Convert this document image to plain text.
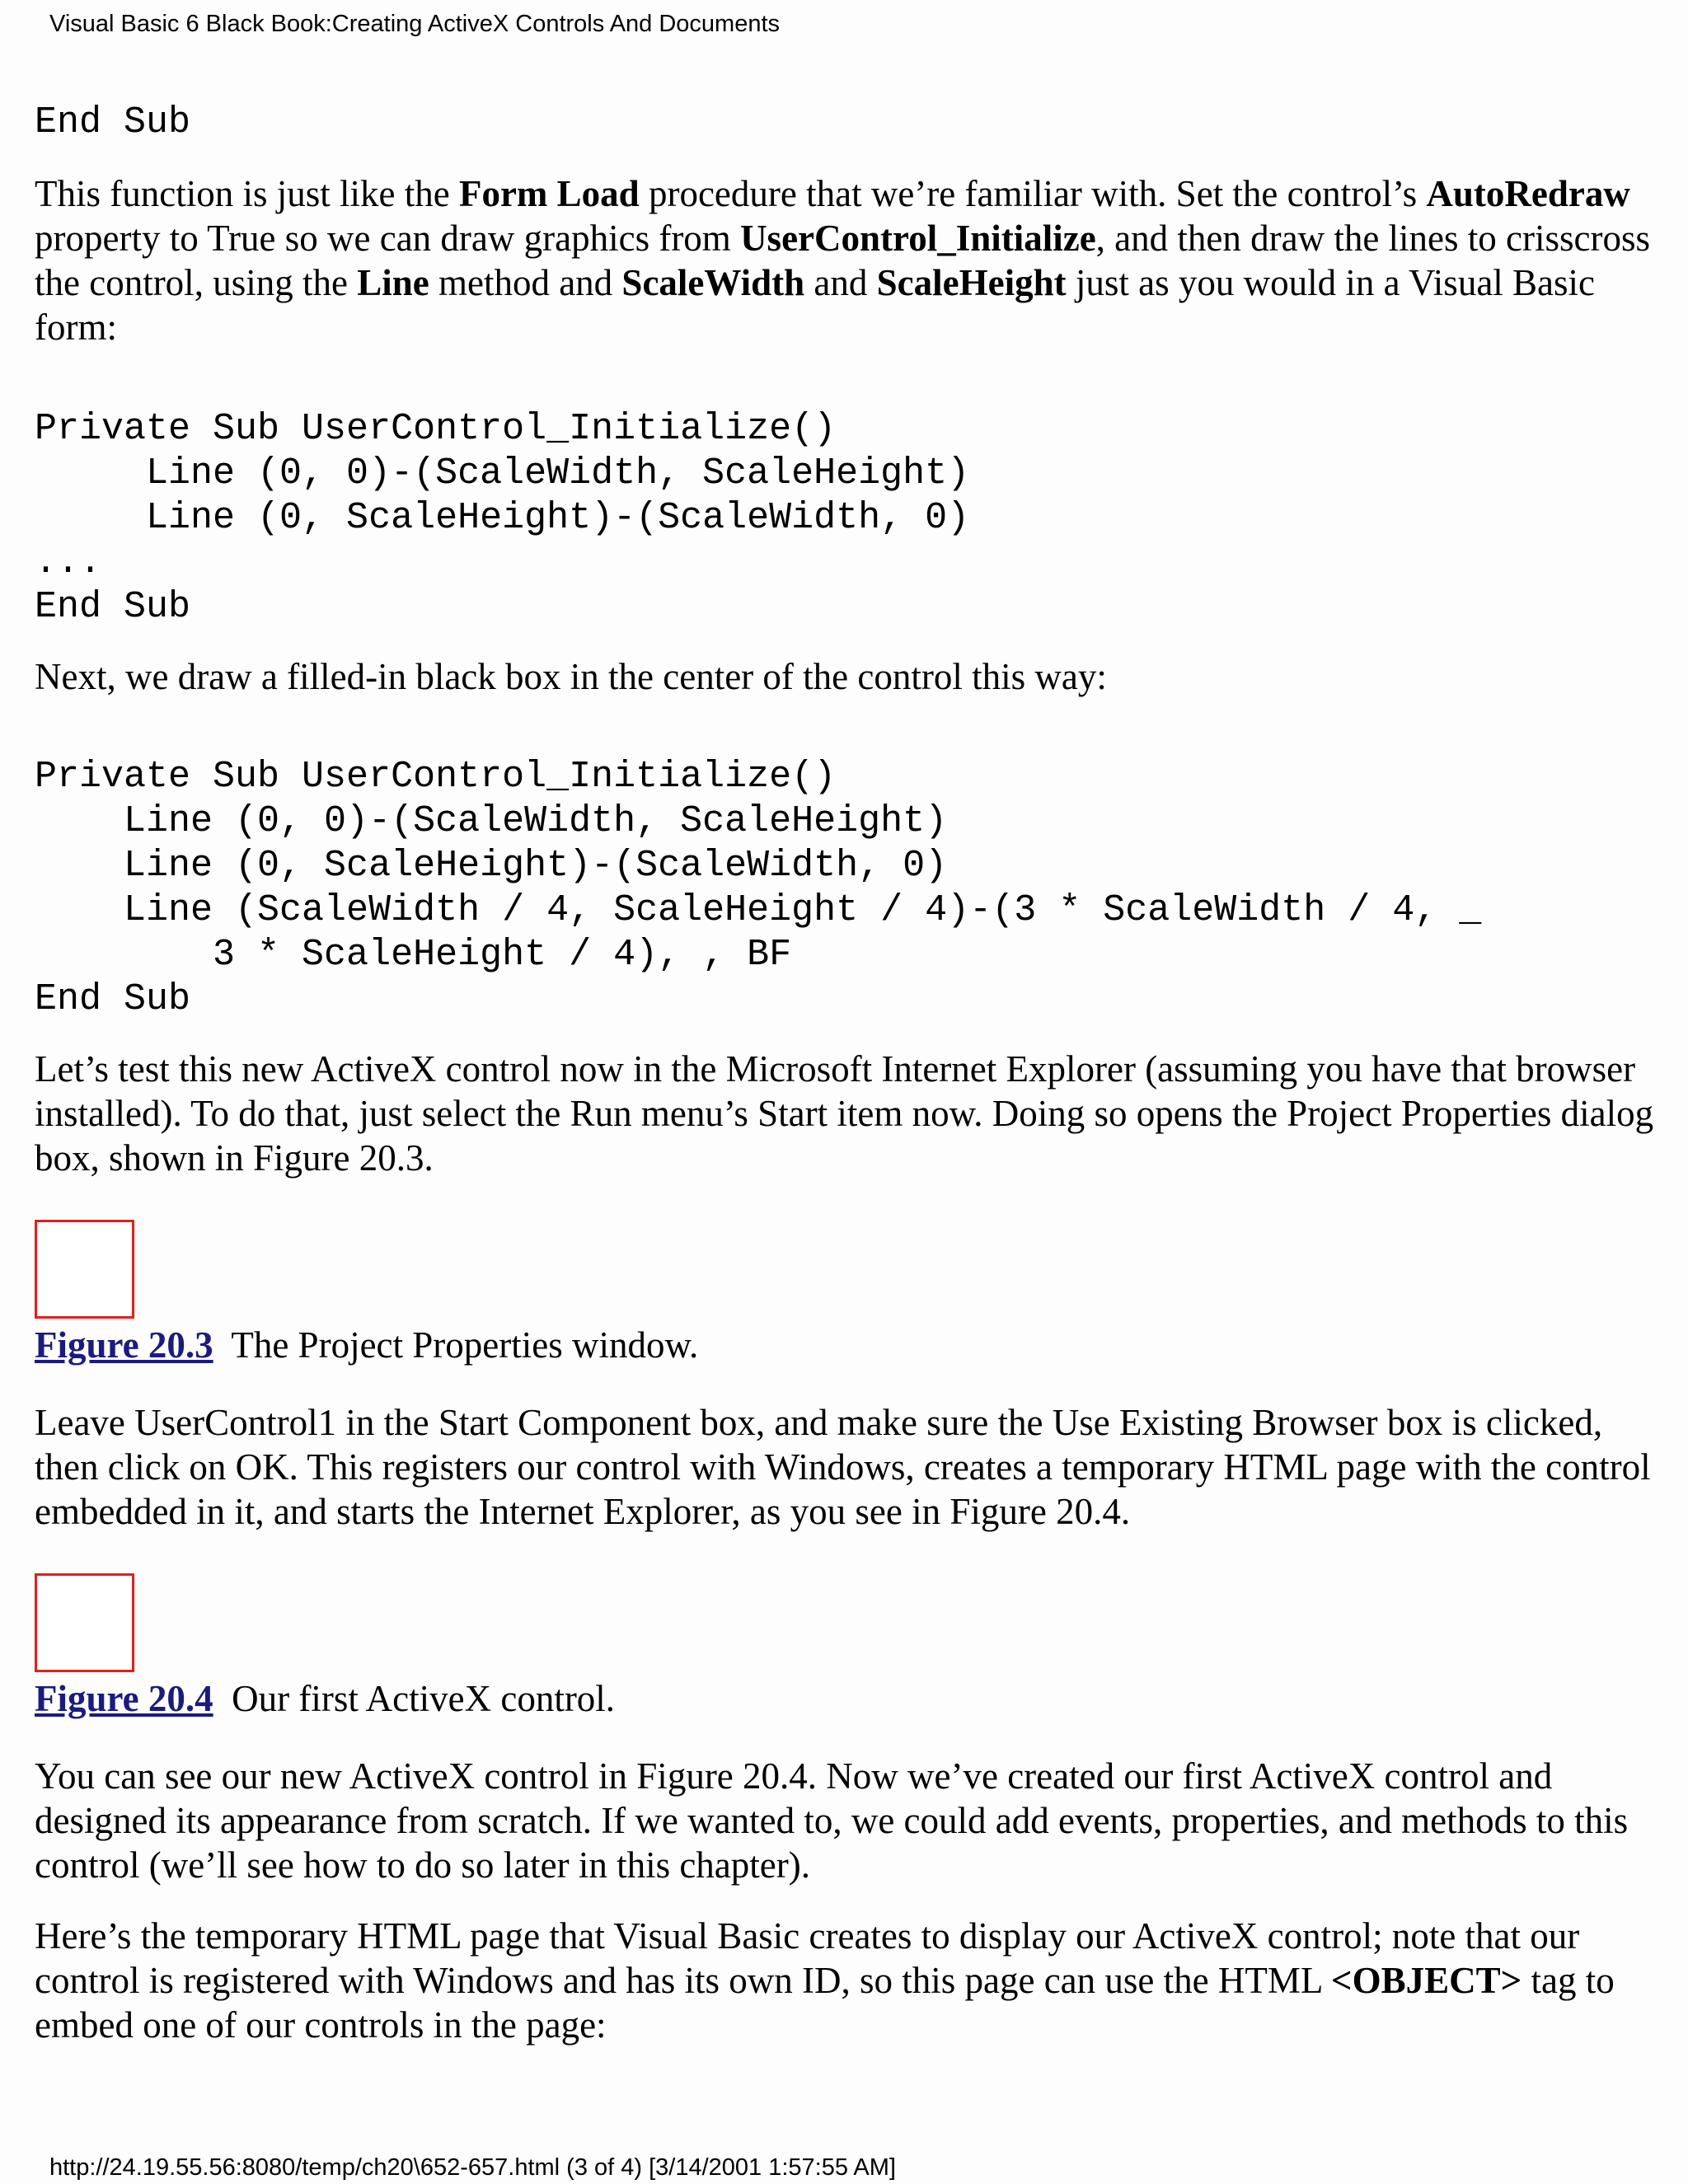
Visual Basic 6 Black Book:Creating ActiveX Controls And Documents
End Sub

This function is just like the Form Load procedure that we’re familiar with. Set the control’s AutoRedraw property to True so we can draw graphics from UserControl_Initialize, and then draw the lines to crisscross the control, using the Line method and ScaleWidth and ScaleHeight just as you would in a Visual Basic form:

Private Sub UserControl_Initialize()
Line (0, 0)-(ScaleWidth, ScaleHeight)
Line (0, ScaleHeight)-(ScaleWidth, 0)
...
End Sub

Next, we draw a filled-in black box in the center of the control this way:

Private Sub UserControl_Initialize()
Line (0, 0)-(ScaleWidth, ScaleHeight)
Line (0, ScaleHeight)-(ScaleWidth, 0)
Line (ScaleWidth / 4, ScaleHeight / 4)-(3 * ScaleWidth / 4, _
3 * ScaleHeight / 4), , BF
End Sub

Let’s test this new ActiveX control now in the Microsoft Internet Explorer (assuming you have that browser installed). To do that, just select the Run menu’s Start item now. Doing so opens the Project Properties dialog box, shown in Figure 20.3.

Figure 20.3 The Project Properties window.

Leave UserControl1 in the Start Component box, and make sure the Use Existing Browser box is clicked, then click on OK. This registers our control with Windows, creates a temporary HTML page with the control embedded in it, and starts the Internet Explorer, as you see in Figure 20.4.

Figure 20.4 Our first ActiveX control.

You can see our new ActiveX control in Figure 20.4. Now we’ve created our first ActiveX control and designed its appearance from scratch. If we wanted to, we could add events, properties, and methods to this control (we’ll see how to do so later in this chapter).

Here’s the temporary HTML page that Visual Basic creates to display our ActiveX control; note that our control is registered with Windows and has its own ID, so this page can use the HTML <OBJECT> tag to embed one of our controls in the page:

http://24.19.55.56:8080/temp/ch20\652-657.html (3 of 4) [3/14/2001 1:57:55 AM]
